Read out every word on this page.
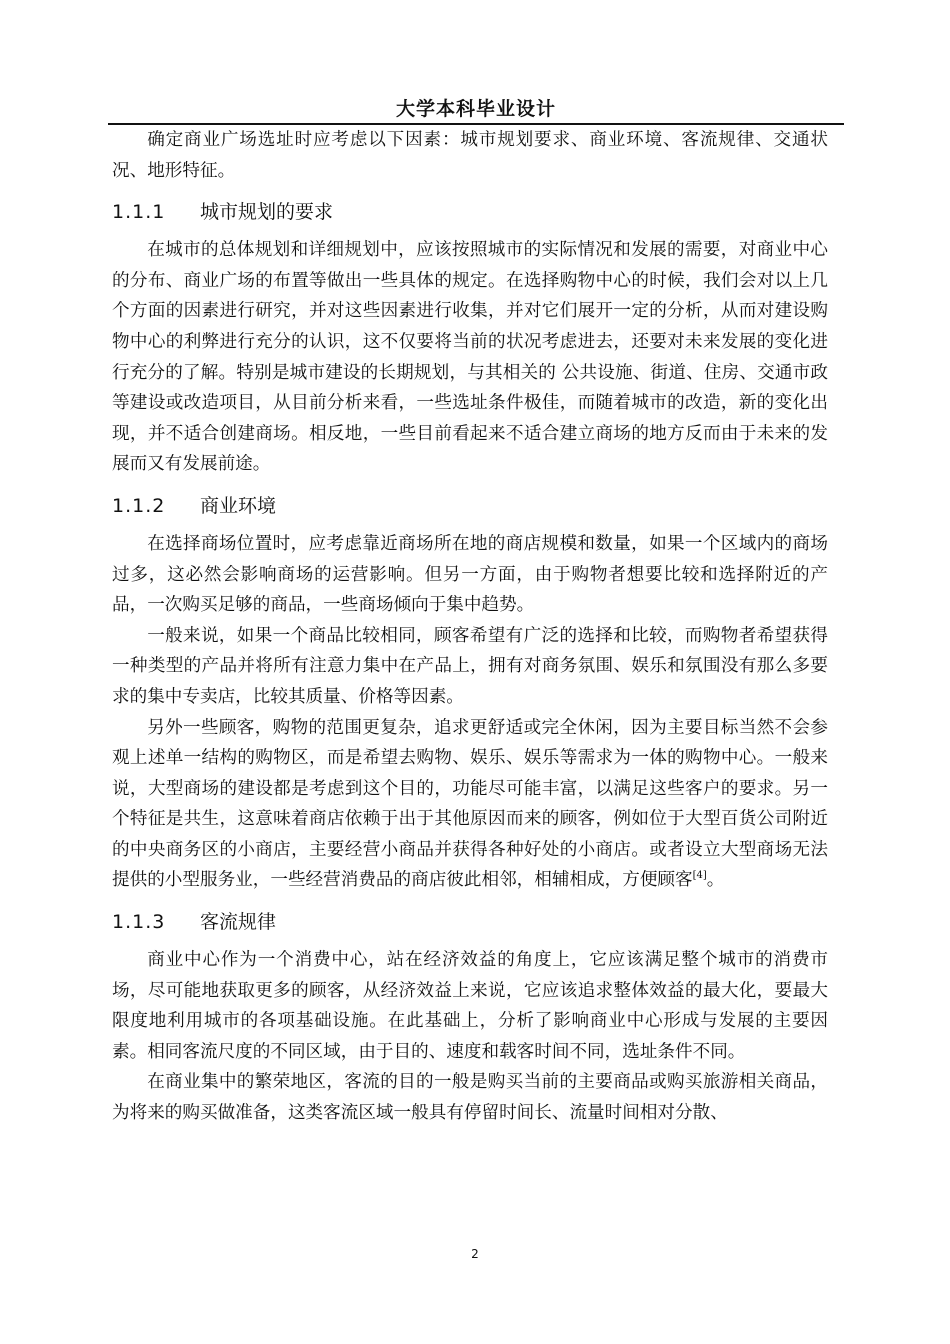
大学本科毕业设计

确定商业广场选址时应考虑以下因素：城市规划要求、商业环境、客流规律、交通状况、地形特征。

1.1.1 城市规划的要求

在城市的总体规划和详细规划中，应该按照城市的实际情况和发展的需要，对商业中心的分布、商业广场的布置等做出一些具体的规定。在选择购物中心的时候，我们会对以上几个方面的因素进行研究，并对这些因素进行收集，并对它们展开一定的分析，从而对建设购物中心的利弊进行充分的认识，这不仅要将当前的状况考虑进去，还要对未来发展的变化进行充分的了解。特别是城市建设的长期规划，与其相关的 公共设施、街道、住房、交通市政等建设或改造项目，从目前分析来看，一些选址条件极佳，而随着城市的改造，新的变化出现，并不适合创建商场。相反地，一些目前看起来不适合建立商场的地方反而由于未来的发展而又有发展前途。

1.1.2 商业环境

在选择商场位置时，应考虑靠近商场所在地的商店规模和数量，如果一个区域内的商场过多，这必然会影响商场的运营影响。但另一方面，由于购物者想要比较和选择附近的产品，一次购买足够的商品，一些商场倾向于集中趋势。

一般来说，如果一个商品比较相同，顾客希望有广泛的选择和比较，而购物者希望获得一种类型的产品并将所有注意力集中在产品上，拥有对商务氛围、娱乐和氛围没有那么多要求的集中专卖店，比较其质量、价格等因素。

另外一些顾客，购物的范围更复杂，追求更舒适或完全休闲，因为主要目标当然不会参观上述单一结构的购物区，而是希望去购物、娱乐、娱乐等需求为一体的购物中心。一般来说，大型商场的建设都是考虑到这个目的，功能尽可能丰富，以满足这些客户的要求。另一个特征是共生，这意味着商店依赖于出于其他原因而来的顾客，例如位于大型百货公司附近的中央商务区的小商店，主要经营小商品并获得各种好处的小商店。或者设立大型商场无法提供的小型服务业，一些经营消费品的商店彼此相邻，相辅相成，方便顾客[4]。

1.1.3 客流规律

商业中心作为一个消费中心，站在经济效益的角度上，它应该满足整个城市的消费市场，尽可能地获取更多的顾客，从经济效益上来说，它应该追求整体效益的最大化，要最大限度地利用城市的各项基础设施。在此基础上，分析了影响商业中心形成与发展的主要因素。相同客流尺度的不同区域，由于目的、速度和载客时间不同，选址条件不同。

在商业集中的繁荣地区，客流的目的一般是购买当前的主要商品或购买旅游相关商品，为将来的购买做准备，这类客流区域一般具有停留时间长、流量时间相对分散、

2
